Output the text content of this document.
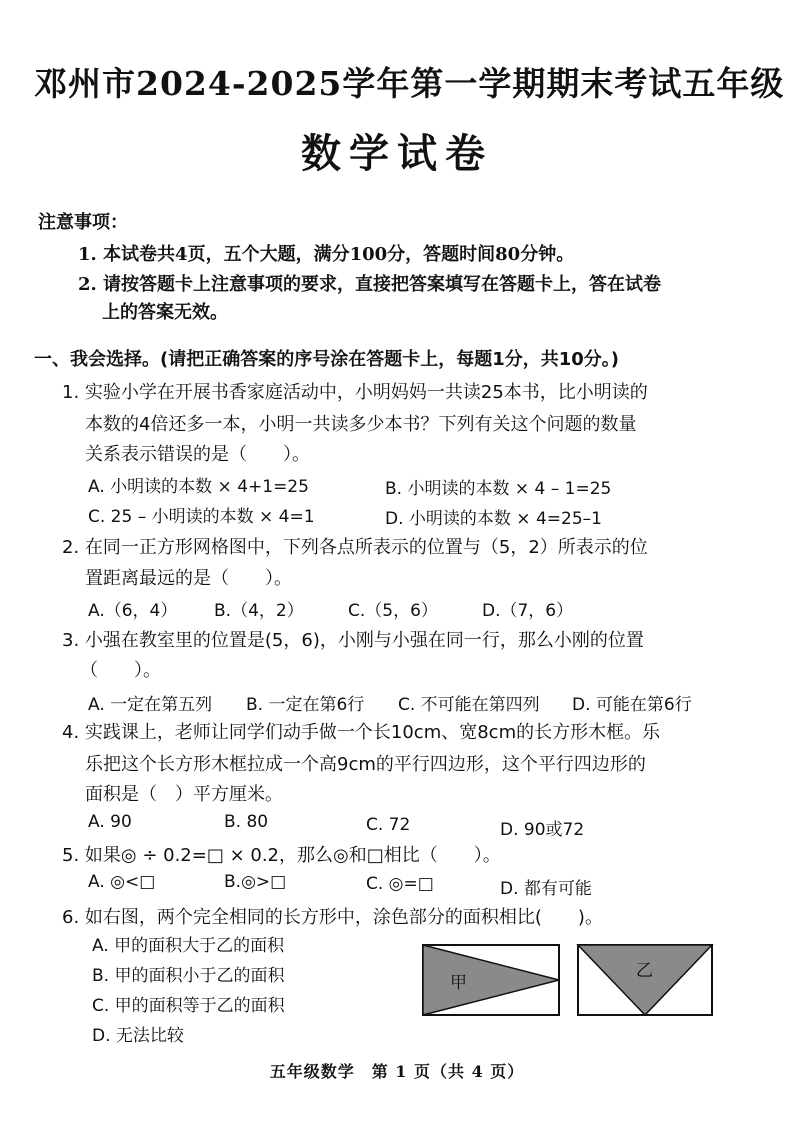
邓州市2024-2025学年第一学期期末考试五年级
数学试卷
注意事项：
1. 本试卷共4页，五个大题，满分100分，答题时间80分钟。
2. 请按答题卡上注意事项的要求，直接把答案填写在答题卡上，答在试卷
上的答案无效。
一、我会选择。(请把正确答案的序号涂在答题卡上，每题1分，共10分。)
1. 实验小学在开展书香家庭活动中，小明妈妈一共读25本书，比小明读的
本数的4倍还多一本，小明一共读多少本书？下列有关这个问题的数量
关系表示错误的是（　　）。
A. 小明读的本数 × 4+1=25	B. 小明读的本数 × 4 – 1=25
C. 25 – 小明读的本数 × 4=1	D. 小明读的本数 × 4=25–1
2. 在同一正方形网格图中，下列各点所表示的位置与（5，2）所表示的位
置距离最远的是（　　）。
A.（6，4） B.（4，2）	C.（5，6）	D.（7，6）
3. 小强在教室里的位置是(5，6)，小刚与小强在同一行，那么小刚的位置
（　　）。
A. 一定在第五列 B. 一定在第6行 C. 不可能在第四列 D. 可能在第6行
4. 实践课上，老师让同学们动手做一个长10cm、宽8cm的长方形木框。乐
乐把这个长方形木框拉成一个高9cm的平行四边形，这个平行四边形的
面积是（　）平方厘米。
A. 90	B. 80	C. 72	D. 90或72
5. 如果◎ ÷ 0.2=□ × 0.2，那么◎和□相比（　　）。
A. ◎<□	B.◎>□	C. ◎=□	D. 都有可能
6. 如右图，两个完全相同的长方形中，涂色部分的面积相比(　　)。
A. 甲的面积大于乙的面积
B. 甲的面积小于乙的面积
C. 甲的面积等于乙的面积
D. 无法比较
甲
乙
五年级数学　第 1 页（共 4 页）
